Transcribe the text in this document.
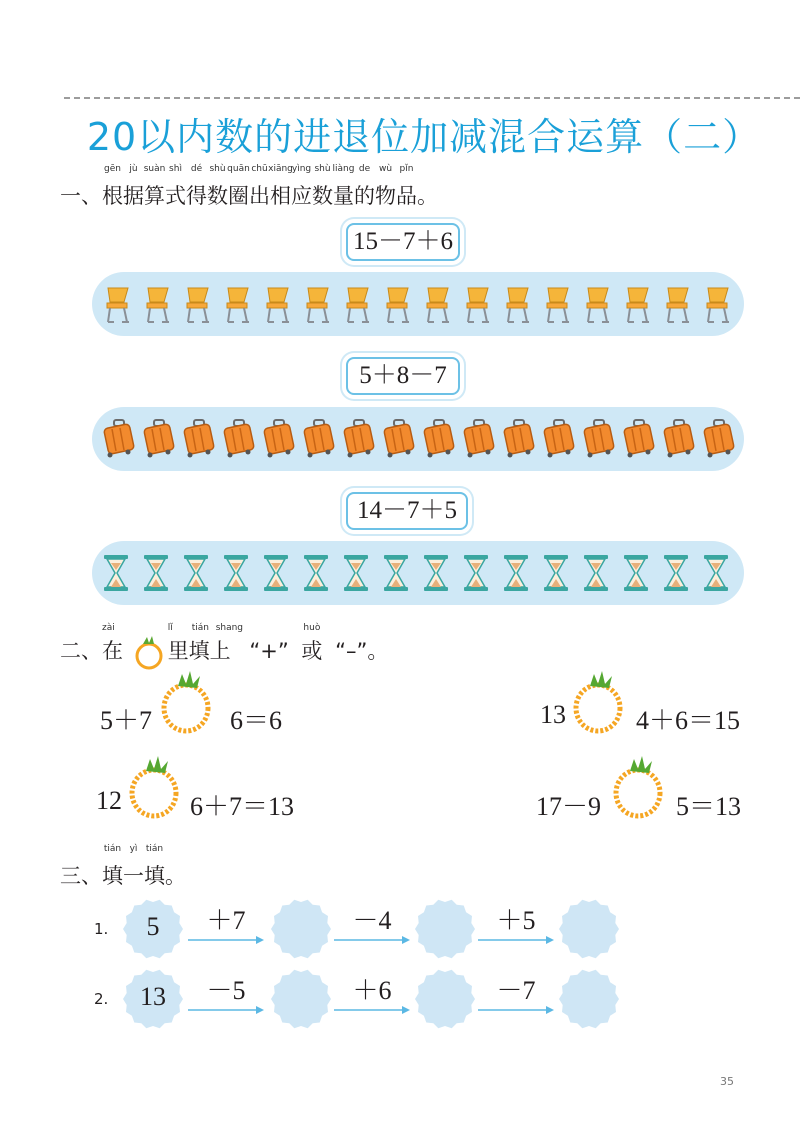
20以内数的进退位加减混合运算（二）
一、
gēn
根
jù
据
suàn
算
shì
式
dé
得
shù
数
quān
圈
chū
出
xiāng
相
yìng
应
shù
数
liàng
量
de
的
wù
物
pǐn
品。
15－7＋6
5＋8－7
14－7＋5
二、
zài
在
lǐ tián shang
里填上 “+”
huò
或 “–”。
5＋7	6＝6	13	4＋6＝15
12	6＋7＝13	17－9	5＝13
三、
tián
填
yì
一
tián
填。
1.	5	＋7	－4	＋5
2.	13	－5	＋6	－7
35
